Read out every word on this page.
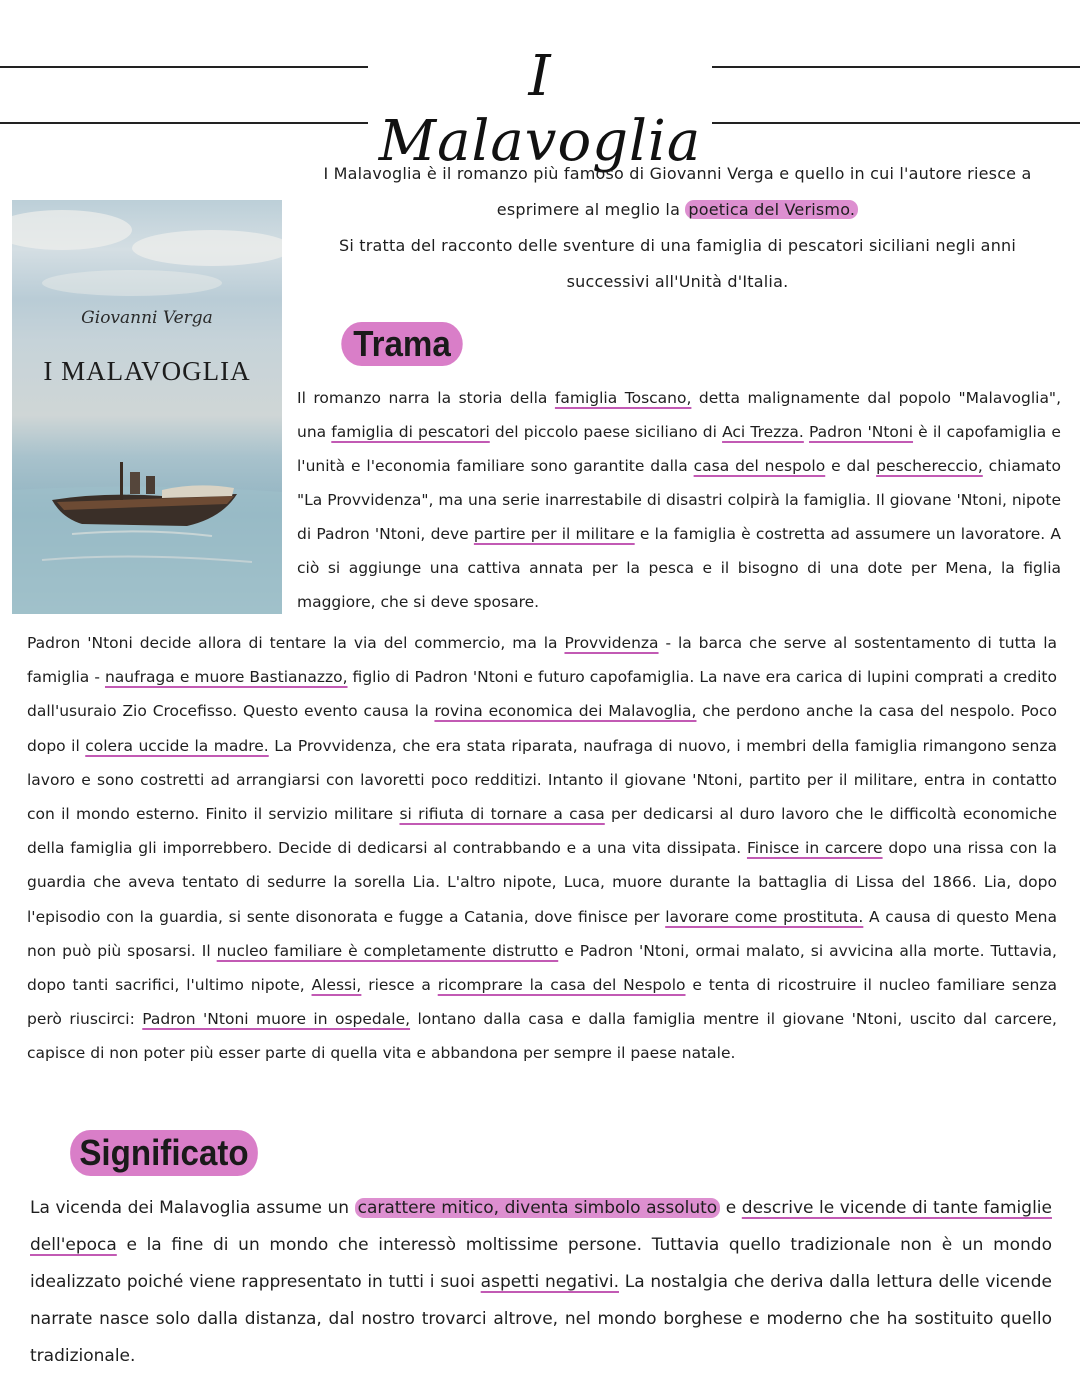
I Malavoglia
I Malavoglia è il romanzo più famoso di Giovanni Verga e quello in cui l'autore riesce a esprimere al meglio la poetica del Verismo.
Si tratta del racconto delle sventure di una famiglia di pescatori siciliani negli anni successivi all'Unità d'Italia.
Giovanni Verga
I MALAVOGLIA
Trama

Il romanzo narra la storia della famiglia Toscano, detta malignamente dal popolo "Malavoglia", una famiglia di pescatori del piccolo paese siciliano di Aci Trezza. Padron 'Ntoni è il capofamiglia e l'unità e l'economia familiare sono garantite dalla casa del nespolo e dal peschereccio, chiamato "La Provvidenza", ma una serie inarrestabile di disastri colpirà la famiglia. Il giovane 'Ntoni, nipote di Padron 'Ntoni, deve partire per il militare e la famiglia è costretta ad assumere un lavoratore. A ciò si aggiunge una cattiva annata per la pesca e il bisogno di una dote per Mena, la figlia maggiore, che si deve sposare.

Padron 'Ntoni decide allora di tentare la via del commercio, ma la Provvidenza - la barca che serve al sostentamento di tutta la famiglia - naufraga e muore Bastianazzo, figlio di Padron 'Ntoni e futuro capofamiglia. La nave era carica di lupini comprati a credito dall'usuraio Zio Crocefisso. Questo evento causa la rovina economica dei Malavoglia, che perdono anche la casa del nespolo. Poco dopo il colera uccide la madre. La Provvidenza, che era stata riparata, naufraga di nuovo, i membri della famiglia rimangono senza lavoro e sono costretti ad arrangiarsi con lavoretti poco redditizi. Intanto il giovane 'Ntoni, partito per il militare, entra in contatto con il mondo esterno. Finito il servizio militare si rifiuta di tornare a casa per dedicarsi al duro lavoro che le difficoltà economiche della famiglia gli imporrebbero. Decide di dedicarsi al contrabbando e a una vita dissipata. Finisce in carcere dopo una rissa con la guardia che aveva tentato di sedurre la sorella Lia. L'altro nipote, Luca, muore durante la battaglia di Lissa del 1866. Lia, dopo l'episodio con la guardia, si sente disonorata e fugge a Catania, dove finisce per lavorare come prostituta. A causa di questo Mena non può più sposarsi. Il nucleo familiare è completamente distrutto e Padron 'Ntoni, ormai malato, si avvicina alla morte. Tuttavia, dopo tanti sacrifici, l'ultimo nipote, Alessi, riesce a ricomprare la casa del Nespolo e tenta di ricostruire il nucleo familiare senza però riuscirci: Padron 'Ntoni muore in ospedale, lontano dalla casa e dalla famiglia mentre il giovane 'Ntoni, uscito dal carcere, capisce di non poter più esser parte di quella vita e abbandona per sempre il paese natale.

Significato

La vicenda dei Malavoglia assume un carattere mitico, diventa simbolo assoluto e descrive le vicende di tante famiglie dell'epoca e la fine di un mondo che interessò moltissime persone. Tuttavia quello tradizionale non è un mondo idealizzato poiché viene rappresentato in tutti i suoi aspetti negativi. La nostalgia che deriva dalla lettura delle vicende narrate nasce solo dalla distanza, dal nostro trovarci altrove, nel mondo borghese e moderno che ha sostituito quello tradizionale.
